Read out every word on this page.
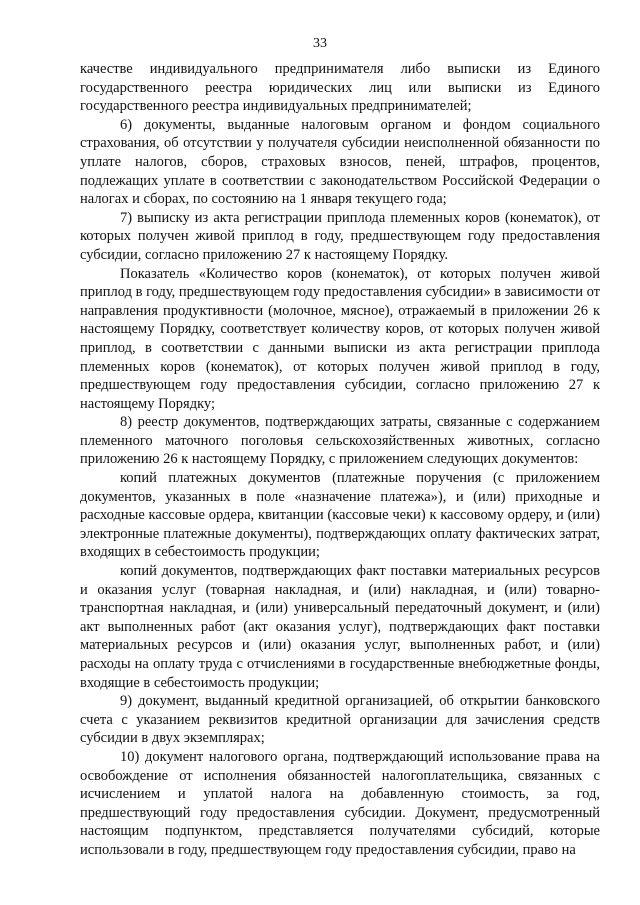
33

качестве индивидуального предпринимателя либо выписки из Единого государственного реестра юридических лиц или выписки из Единого государственного реестра индивидуальных предпринимателей;

6) документы, выданные налоговым органом и фондом социального страхования, об отсутствии у получателя субсидии неисполненной обязанности по уплате налогов, сборов, страховых взносов, пеней, штрафов, процентов, подлежащих уплате в соответствии с законодательством Российской Федерации о налогах и сборах, по состоянию на 1 января текущего года;

7) выписку из акта регистрации приплода племенных коров (конематок), от которых получен живой приплод в году, предшествующем году предоставления субсидии, согласно приложению 27 к настоящему Порядку.

Показатель «Количество коров (конематок), от которых получен живой приплод в году, предшествующем году предоставления субсидии» в зависимости от направления продуктивности (молочное, мясное), отражаемый в приложении 26 к настоящему Порядку, соответствует количеству коров, от которых получен живой приплод, в соответствии с данными выписки из акта регистрации приплода племенных коров (конематок), от которых получен живой приплод в году, предшествующем году предоставления субсидии, согласно приложению 27 к настоящему Порядку;

8) реестр документов, подтверждающих затраты, связанные с содержанием племенного маточного поголовья сельскохозяйственных животных, согласно приложению 26 к настоящему Порядку, с приложением следующих документов:

копий платежных документов (платежные поручения (с приложением документов, указанных в поле «назначение платежа»), и (или) приходные и расходные кассовые ордера, квитанции (кассовые чеки) к кассовому ордеру, и (или) электронные платежные документы), подтверждающих оплату фактических затрат, входящих в себестоимость продукции;

копий документов, подтверждающих факт поставки материальных ресурсов и оказания услуг (товарная накладная, и (или) накладная, и (или) товарно-транспортная накладная, и (или) универсальный передаточный документ, и (или) акт выполненных работ (акт оказания услуг), подтверждающих факт поставки материальных ресурсов и (или) оказания услуг, выполненных работ, и (или) расходы на оплату труда с отчислениями в государственные внебюджетные фонды, входящие в себестоимость продукции;

9) документ, выданный кредитной организацией, об открытии банковского счета с указанием реквизитов кредитной организации для зачисления средств субсидии в двух экземплярах;

10) документ налогового органа, подтверждающий использование права на освобождение от исполнения обязанностей налогоплательщика, связанных с исчислением и уплатой налога на добавленную стоимость, за год, предшествующий году предоставления субсидии. Документ, предусмотренный настоящим подпунктом, представляется получателями субсидий, которые использовали в году, предшествующем году предоставления субсидии, право на
